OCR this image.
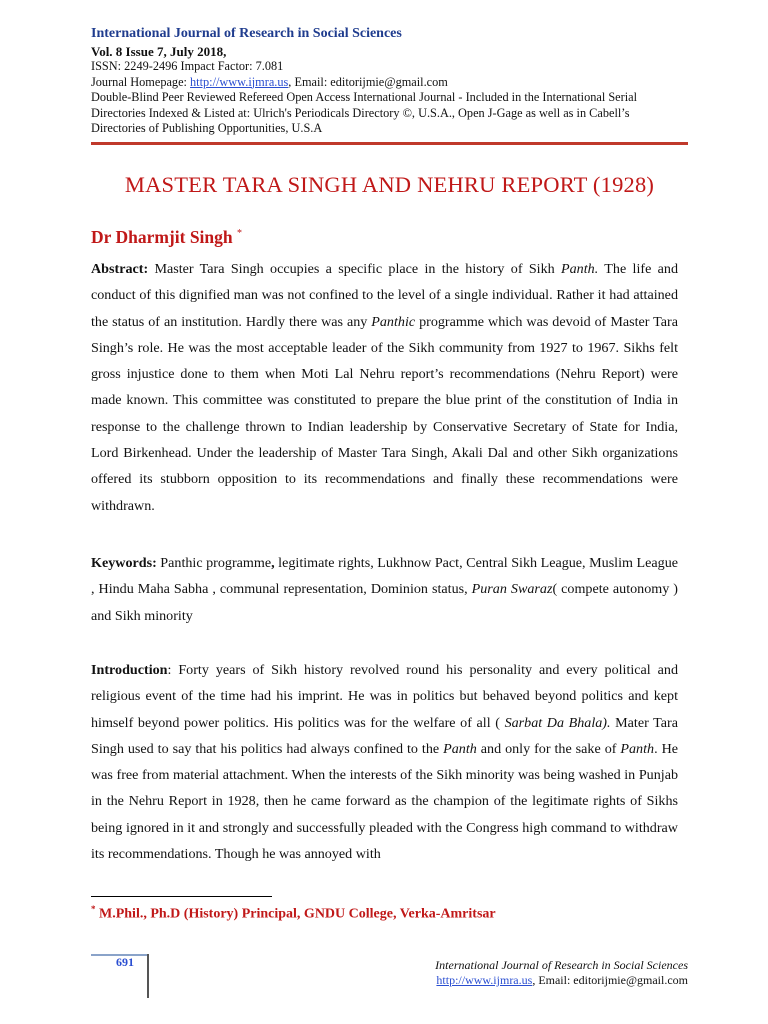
International Journal of Research in Social Sciences
Vol. 8 Issue 7, July 2018,
ISSN: 2249-2496 Impact Factor: 7.081
Journal Homepage: http://www.ijmra.us, Email: editorijmie@gmail.com
Double-Blind Peer Reviewed Refereed Open Access International Journal - Included in the International Serial
Directories Indexed & Listed at: Ulrich's Periodicals Directory ©, U.S.A., Open J-Gage as well as in Cabell’s
Directories of Publishing Opportunities, U.S.A
MASTER TARA SINGH AND NEHRU REPORT (1928)
Dr Dharmjit Singh *
Abstract: Master Tara Singh occupies a specific place in the history of Sikh Panth. The life and conduct of this dignified man was not confined to the level of a single individual. Rather it had attained the status of an institution. Hardly there was any Panthic programme which was devoid of Master Tara Singh’s role. He was the most acceptable leader of the Sikh community from 1927 to 1967. Sikhs felt gross injustice done to them when Moti Lal Nehru report’s recommendations (Nehru Report) were made known. This committee was constituted to prepare the blue print of the constitution of India in response to the challenge thrown to Indian leadership by Conservative Secretary of State for India, Lord Birkenhead. Under the leadership of Master Tara Singh, Akali Dal and other Sikh organizations offered its stubborn opposition to its recommendations and finally these recommendations were withdrawn.
Keywords: Panthic programme, legitimate rights, Lukhnow Pact, Central Sikh League, Muslim League , Hindu Maha Sabha , communal representation, Dominion status, Puran Swaraz( compete autonomy ) and Sikh minority
Introduction: Forty years of Sikh history revolved round his personality and every political and religious event of the time had his imprint. He was in politics but behaved beyond politics and kept himself beyond power politics. His politics was for the welfare of all ( Sarbat Da Bhala). Mater Tara Singh used to say that his politics had always confined to the Panth and only for the sake of Panth. He was free from material attachment. When the interests of the Sikh minority was being washed in Punjab in the Nehru Report in 1928, then he came forward as the champion of the legitimate rights of Sikhs being ignored in it and strongly and successfully pleaded with the Congress high command to withdraw its recommendations. Though he was annoyed with
* M.Phil., Ph.D (History) Principal, GNDU College, Verka-Amritsar
691	International Journal of Research in Social Sciences
http://www.ijmra.us, Email: editorijmie@gmail.com
